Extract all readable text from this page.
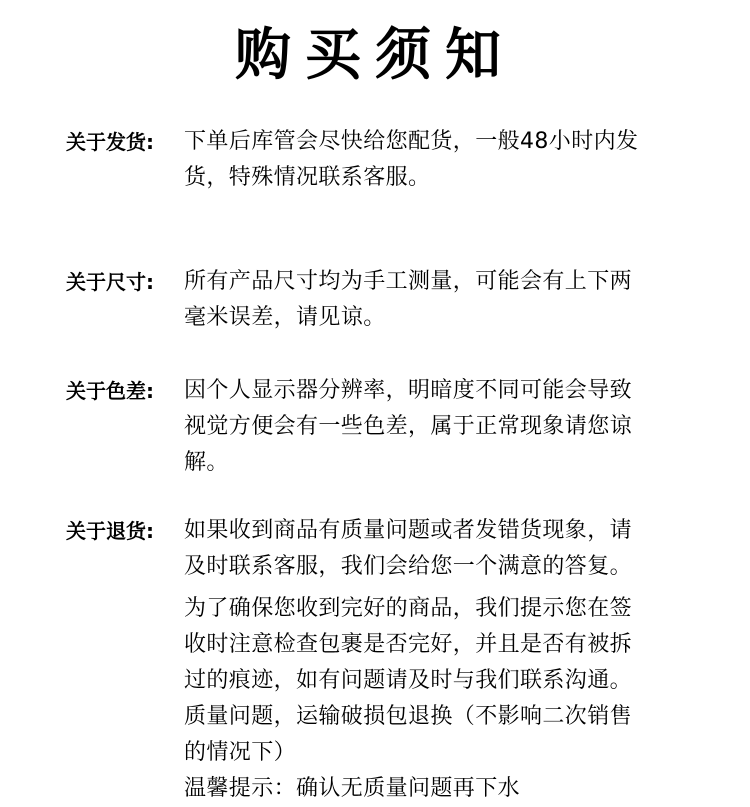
购买须知
关于发货: 下单后库管会尽快给您配货，一般48小时内发
货，特殊情况联系客服。

关于尺寸: 所有产品尺寸均为手工测量，可能会有上下两
毫米误差，请见谅。

关于色差: 因个人显示器分辨率，明暗度不同可能会导致
视觉方便会有一些色差，属于正常现象请您谅
解。

关于退货: 如果收到商品有质量问题或者发错货现象，请
及时联系客服，我们会给您一个满意的答复。

为了确保您收到完好的商品，我们提示您在签
收时注意检查包裹是否完好，并且是否有被拆
过的痕迹，如有问题请及时与我们联系沟通。
质量问题，运输破损包退换（不影响二次销售
的情况下）
温馨提示：确认无质量问题再下水
